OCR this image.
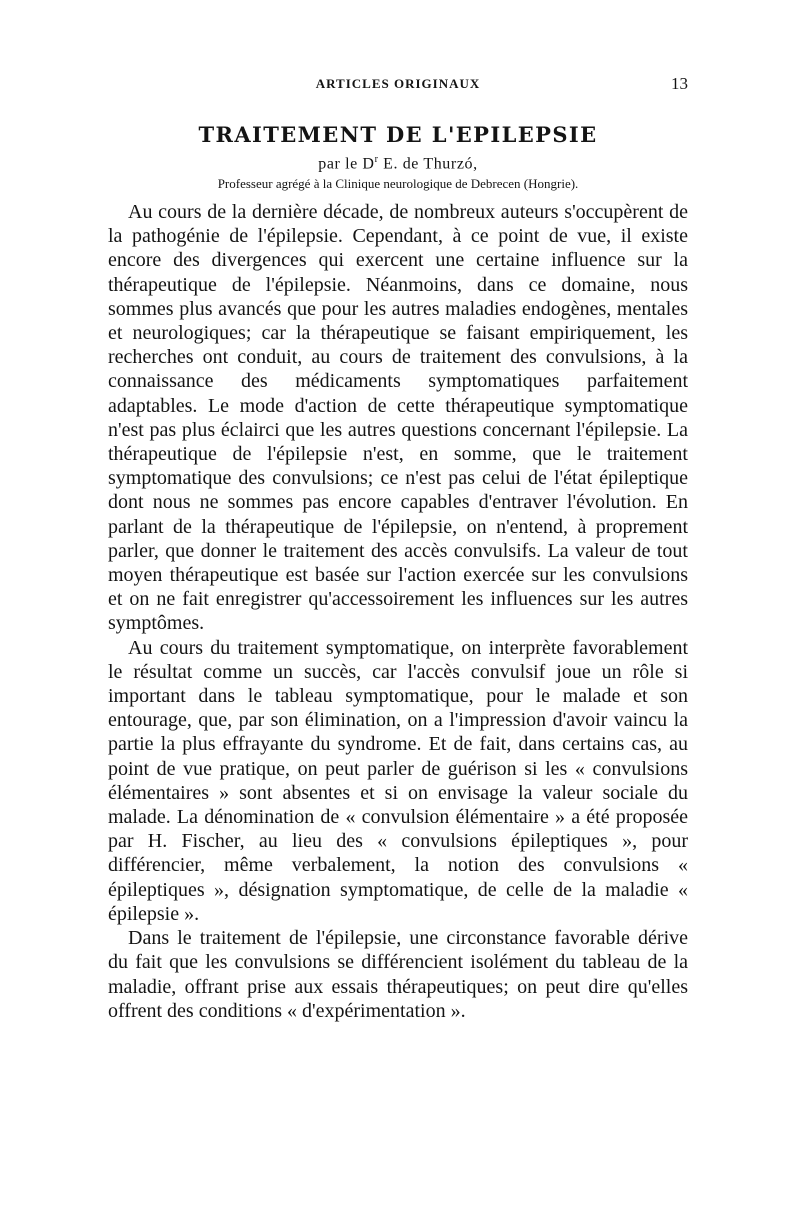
ARTICLES ORIGINAUX	13
TRAITEMENT DE L'EPILEPSIE
par le $D^r$ E. de Thurzó,
Professeur agrégé à la Clinique neurologique de Debrecen (Hongrie).

Au cours de la dernière décade, de nombreux auteurs s'occupèrent de la pathogénie de l'épilepsie. Cependant, à ce point de vue, il existe encore des divergences qui exercent une certaine influence sur la thérapeutique de l'épilepsie. Néanmoins, dans ce domaine, nous sommes plus avancés que pour les autres maladies endogènes, mentales et neurologiques; car la thérapeutique se faisant empiriquement, les recherches ont conduit, au cours de traitement des convulsions, à la connaissance des médicaments symptomatiques parfaitement adaptables. Le mode d'action de cette thérapeutique symptomatique n'est pas plus éclairci que les autres questions concernant l'épilepsie. La thérapeutique de l'épilepsie n'est, en somme, que le traitement symptomatique des convulsions; ce n'est pas celui de l'état épileptique dont nous ne sommes pas encore capables d'entraver l'évolution. En parlant de la thérapeutique de l'épilepsie, on n'entend, à proprement parler, que donner le traitement des accès convulsifs. La valeur de tout moyen thérapeutique est basée sur l'action exercée sur les convulsions et on ne fait enregistrer qu'accessoirement les influences sur les autres symptômes.

Au cours du traitement symptomatique, on interprète favorablement le résultat comme un succès, car l'accès convulsif joue un rôle si important dans le tableau symptomatique, pour le malade et son entourage, que, par son élimination, on a l'impression d'avoir vaincu la partie la plus effrayante du syndrome. Et de fait, dans certains cas, au point de vue pratique, on peut parler de guérison si les « convulsions élémentaires » sont absentes et si on envisage la valeur sociale du malade. La dénomination de « convulsion élémentaire » a été proposée par H. Fischer, au lieu des « convulsions épileptiques », pour différencier, même verbalement, la notion des convulsions « épileptiques », désignation symptomatique, de celle de la maladie « épilepsie ».

Dans le traitement de l'épilepsie, une circonstance favorable dérive du fait que les convulsions se différencient isolément du tableau de la maladie, offrant prise aux essais thérapeutiques; on peut dire qu'elles offrent des conditions « d'expérimentation ».
